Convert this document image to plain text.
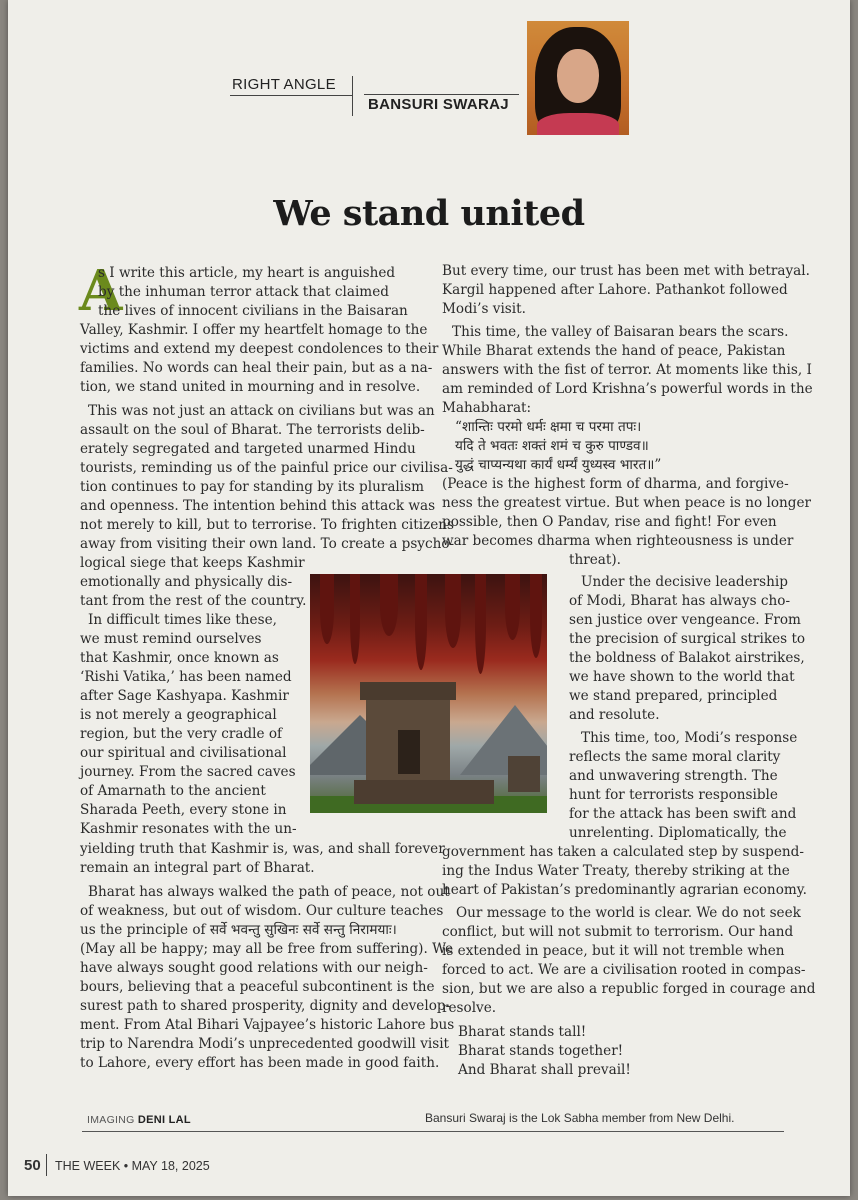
RIGHT ANGLE
BANSURI SWARAJ
We stand united
A
s I write this article, my heart is anguished
by the inhuman terror attack that claimed
the lives of innocent civilians in the Baisaran
Valley, Kashmir. I offer my heartfelt homage to the
victims and extend my deepest condolences to their
families. No words can heal their pain, but as a na-
tion, we stand united in mourning and in resolve.
This was not just an attack on civilians but was an
assault on the soul of Bharat. The terrorists delib-
erately segregated and targeted unarmed Hindu
tourists, reminding us of the painful price our civilisa-
tion continues to pay for standing by its pluralism
and openness. The intention behind this attack was
not merely to kill, but to terrorise. To frighten citizens
away from visiting their own land. To create a psycho-
logical siege that keeps Kashmir
emotionally and physically dis-
tant from the rest of the country.
In difficult times like these,
we must remind ourselves
that Kashmir, once known as
‘Rishi Vatika,’ has been named
after Sage Kashyapa. Kashmir
is not merely a geographical
region, but the very cradle of
our spiritual and civilisational
journey. From the sacred caves
of Amarnath to the ancient
Sharada Peeth, every stone in
Kashmir resonates with the un-
yielding truth that Kashmir is, was, and shall forever
remain an integral part of Bharat.
Bharat has always walked the path of peace, not out
of weakness, but out of wisdom. Our culture teaches
us the principle of सर्वे भवन्तु सुखिनः सर्वे सन्तु निरामयाः।
(May all be happy; may all be free from suffering). We
have always sought good relations with our neigh-
bours, believing that a peaceful subcontinent is the
surest path to shared prosperity, dignity and develop-
ment. From Atal Bihari Vajpayee’s historic Lahore bus
trip to Narendra Modi’s unprecedented goodwill visit
to Lahore, every effort has been made in good faith.
But every time, our trust has been met with betrayal.
Kargil happened after Lahore. Pathankot followed
Modi’s visit.
This time, the valley of Baisaran bears the scars.
While Bharat extends the hand of peace, Pakistan
answers with the fist of terror. At moments like this, I
am reminded of Lord Krishna’s powerful words in the
Mahabharat:
“शान्तिः परमो धर्मः क्षमा च परमा तपः।
यदि ते भवतः शक्तं शमं च कुरु पाण्डव॥
युद्धं चाप्यन्यथा कार्यं धर्म्यं युध्यस्व भारत॥”
(Peace is the highest form of dharma, and forgive-
ness the greatest virtue. But when peace is no longer
possible, then O Pandav, rise and fight! For even
war becomes dharma when righteousness is under
threat).
Under the decisive leadership
of Modi, Bharat has always cho-
sen justice over vengeance. From
the precision of surgical strikes to
the boldness of Balakot airstrikes,
we have shown to the world that
we stand prepared, principled
and resolute.
This time, too, Modi’s response
reflects the same moral clarity
and unwavering strength. The
hunt for terrorists responsible
for the attack has been swift and
unrelenting. Diplomatically, the
government has taken a calculated step by suspend-
ing the Indus Water Treaty, thereby striking at the
heart of Pakistan’s predominantly agrarian economy.
Our message to the world is clear. We do not seek
conflict, but will not submit to terrorism. Our hand
is extended in peace, but it will not tremble when
forced to act. We are a civilisation rooted in compas-
sion, but we are also a republic forged in courage and
resolve.
Bharat stands tall!
Bharat stands together!
And Bharat shall prevail!
IMAGING DENI LAL	Bansuri Swaraj is the Lok Sabha member from New Delhi.
50 THE WEEK • MAY 18, 2025
